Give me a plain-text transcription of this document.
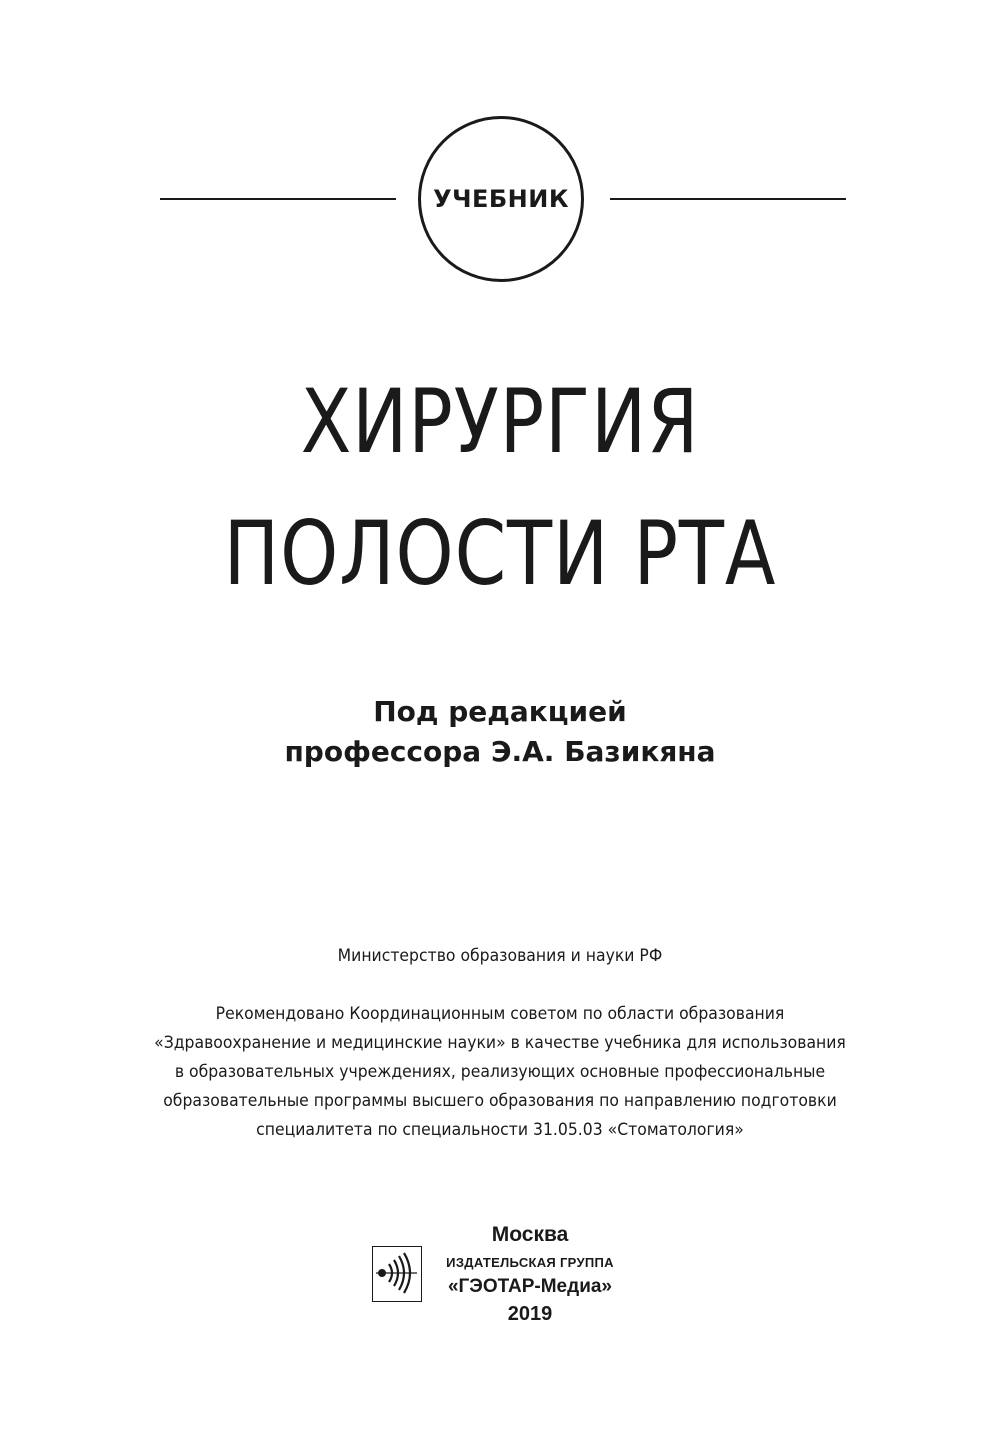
УЧЕБНИК
ХИРУРГИЯ
ПОЛОСТИ РТА
Под редакцией
профессора Э.А. Базикяна
Министерство образования и науки РФ
Рекомендовано Координационным советом по области образования
«Здравоохранение и медицинские науки» в качестве учебника для использования
в образовательных учреждениях, реализующих основные профессиональные
образовательные программы высшего образования по направлению подготовки
специалитета по специальности 31.05.03 «Стоматология»
Москва
ИЗДАТЕЛЬСКАЯ ГРУППА
«ГЭОТАР-Медиа»
2019
